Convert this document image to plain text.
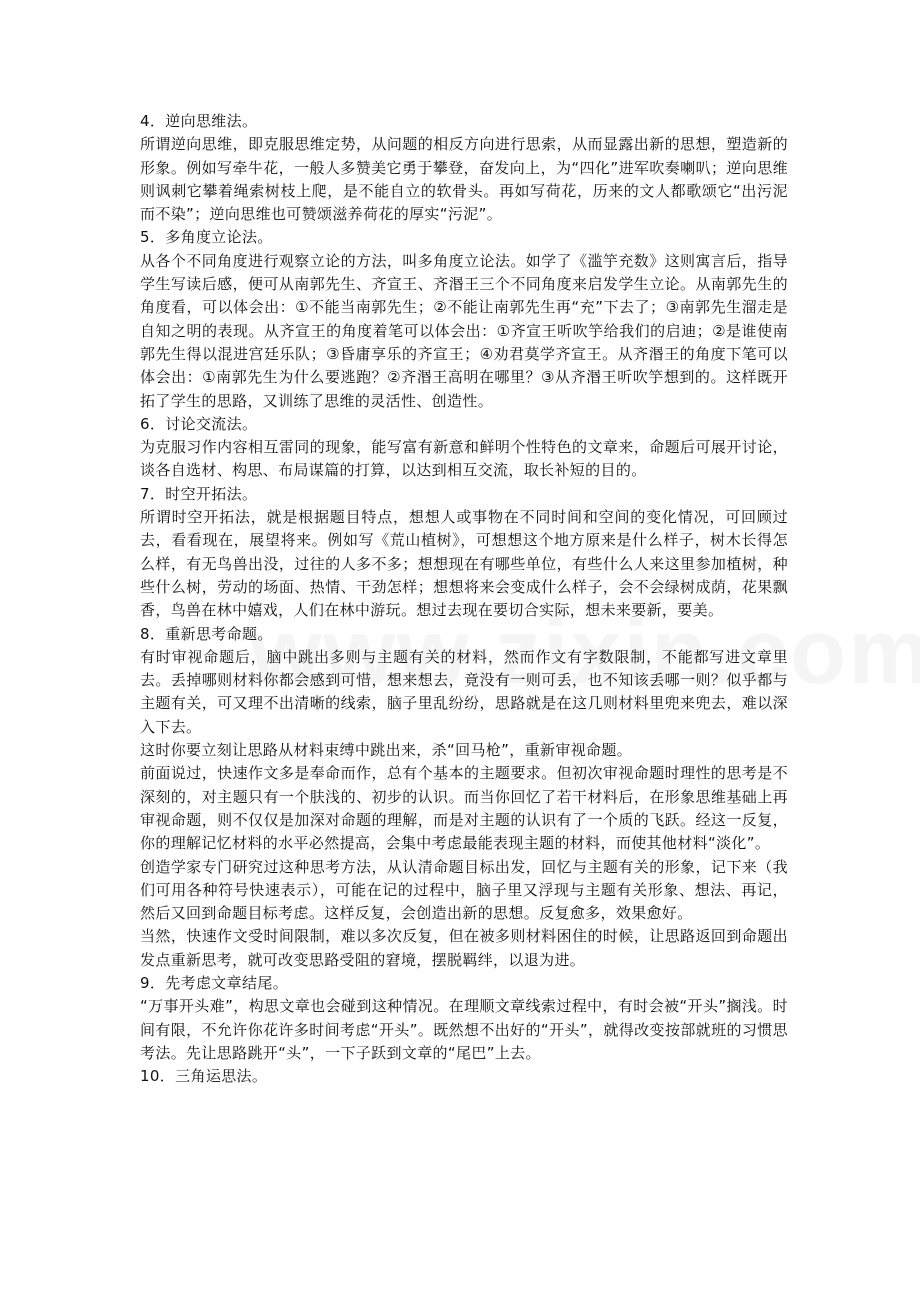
4．逆向思维法。

所谓逆向思维，即克服思维定势，从问题的相反方向进行思索，从而显露出新的思想，塑造新的形象。例如写牵牛花，一般人多赞美它勇于攀登，奋发向上，为“四化”进军吹奏喇叭；逆向思维则讽刺它攀着绳索树枝上爬，是不能自立的软骨头。再如写荷花，历来的文人都歌颂它“出污泥而不染”；逆向思维也可赞颂滋养荷花的厚实“污泥”。

5．多角度立论法。

从各个不同角度进行观察立论的方法，叫多角度立论法。如学了《滥竽充数》这则寓言后，指导学生写读后感，便可从南郭先生、齐宣王、齐湣王三个不同角度来启发学生立论。从南郭先生的角度看，可以体会出：①不能当南郭先生；②不能让南郭先生再“充”下去了；③南郭先生溜走是自知之明的表现。从齐宣王的角度着笔可以体会出：①齐宣王听吹竽给我们的启迪；②是谁使南郭先生得以混进宫廷乐队；③昏庸享乐的齐宣王；④劝君莫学齐宣王。从齐湣王的角度下笔可以体会出：①南郭先生为什么要逃跑？②齐湣王高明在哪里？③从齐湣王听吹竽想到的。这样既开拓了学生的思路，又训练了思维的灵活性、创造性。

6．讨论交流法。

为克服习作内容相互雷同的现象，能写富有新意和鲜明个性特色的文章来，命题后可展开讨论，谈各自选材、构思、布局谋篇的打算，以达到相互交流，取长补短的目的。

7．时空开拓法。

所谓时空开拓法，就是根据题目特点，想想人或事物在不同时间和空间的变化情况，可回顾过去，看看现在，展望将来。例如写《荒山植树》，可想想这个地方原来是什么样子，树木长得怎么样，有无鸟兽出没，过往的人多不多；想想现在有哪些单位，有些什么人来这里参加植树，种些什么树，劳动的场面、热情、干劲怎样；想想将来会变成什么样子，会不会绿树成荫，花果飘香，鸟兽在林中嬉戏，人们在林中游玩。想过去现在要切合实际，想未来要新，要美。

8．重新思考命题。

有时审视命题后，脑中跳出多则与主题有关的材料，然而作文有字数限制，不能都写进文章里去。丢掉哪则材料你都会感到可惜，想来想去，竟没有一则可丢，也不知该丢哪一则？似乎都与主题有关，可又理不出清晰的线索，脑子里乱纷纷，思路就是在这几则材料里兜来兜去，难以深入下去。

这时你要立刻让思路从材料束缚中跳出来，杀“回马枪”，重新审视命题。

前面说过，快速作文多是奉命而作，总有个基本的主题要求。但初次审视命题时理性的思考是不深刻的，对主题只有一个肤浅的、初步的认识。而当你回忆了若干材料后，在形象思维基础上再审视命题，则不仅仅是加深对命题的理解，而是对主题的认识有了一个质的飞跃。经这一反复，你的理解记忆材料的水平必然提高，会集中考虑最能表现主题的材料，而使其他材料“淡化”。

创造学家专门研究过这种思考方法，从认清命题目标出发，回忆与主题有关的形象，记下来（我们可用各种符号快速表示），可能在记的过程中，脑子里又浮现与主题有关形象、想法、再记，然后又回到命题目标考虑。这样反复，会创造出新的思想。反复愈多，效果愈好。

当然，快速作文受时间限制，难以多次反复，但在被多则材料困住的时候，让思路返回到命题出发点重新思考，就可改变思路受阻的窘境，摆脱羁绊，以退为进。

9．先考虑文章结尾。

“万事开头难”，构思文章也会碰到这种情况。在理顺文章线索过程中，有时会被“开头”搁浅。时间有限，不允许你花许多时间考虑“开头”。既然想不出好的“开头”，就得改变按部就班的习惯思考法。先让思路跳开“头”，一下子跃到文章的“尾巴”上去。

10．三角运思法。
